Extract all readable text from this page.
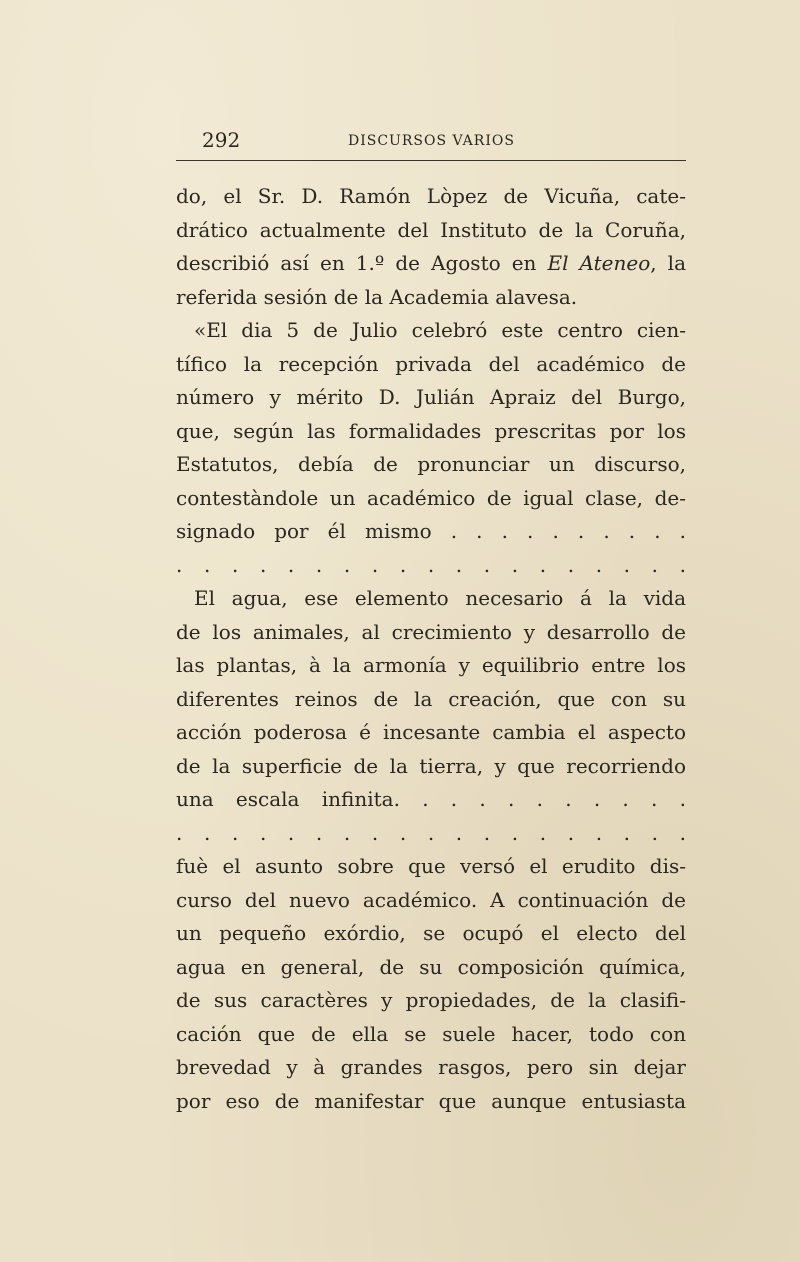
292	DISCURSOS VARIOS
do, el Sr. D. Ramón Lòpez de Vicuña, cate-
drático actualmente del Instituto de la Coruña,
describió así en 1.º de Agosto en El Ateneo, la
referida sesión de la Academia alavesa.
«El dia 5 de Julio celebró este centro cien-
tífico la recepción privada del académico de
número y mérito D. Julián Apraiz del Burgo,
que, según las formalidades prescritas por los
Estatutos, debía de pronunciar un discurso,
contestàndole un académico de igual clase, de-
signado por él mismo . . . . . . . . . .
. . . . . . . . . . . . . . . . . . .
El agua, ese elemento necesario á la vida
de los animales, al crecimiento y desarrollo de
las plantas, à la armonía y equilibrio entre los
diferentes reinos de la creación, que con su
acción poderosa é incesante cambia el aspecto
de la superficie de la tierra, y que recorriendo
una escala infinita. . . . . . . . . . .
. . . . . . . . . . . . . . . . . . .
fuè el asunto sobre que versó el erudito dis-
curso del nuevo académico. A continuación de
un pequeño exórdio, se ocupó el electo del
agua en general, de su composición química,
de sus caractères y propiedades, de la clasifi-
cación que de ella se suele hacer, todo con
brevedad y à grandes rasgos, pero sin dejar
por eso de manifestar que aunque entusiasta
